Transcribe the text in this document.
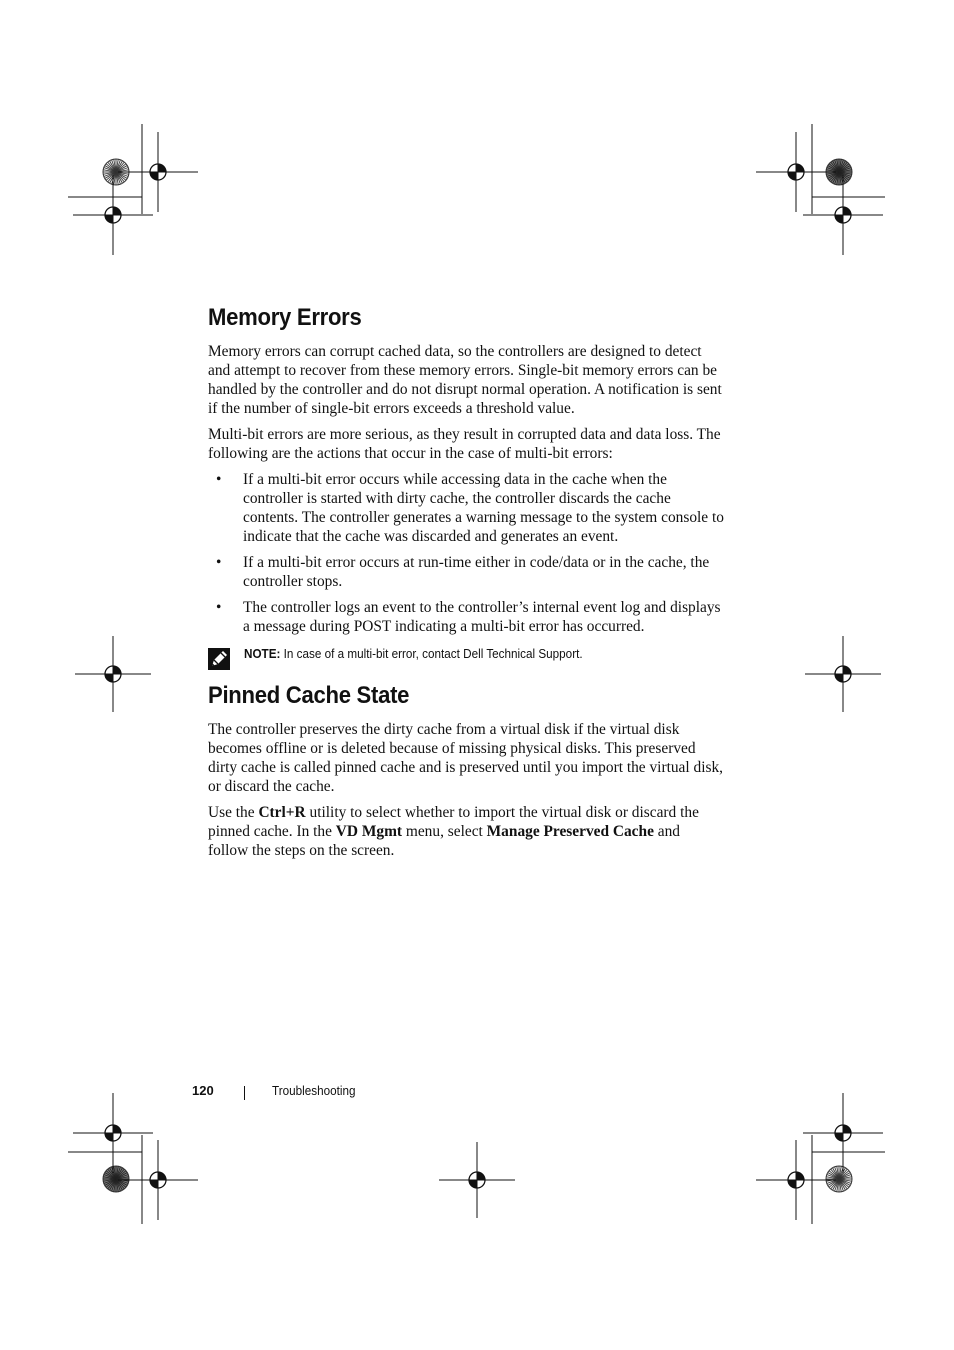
Memory Errors

Memory errors can corrupt cached data, so the controllers are designed to detect and attempt to recover from these memory errors. Single-bit memory errors can be handled by the controller and do not disrupt normal operation. A notification is sent if the number of single-bit errors exceeds a threshold value.

Multi-bit errors are more serious, as they result in corrupted data and data loss. The following are the actions that occur in the case of multi-bit errors:

• If a multi-bit error occurs while accessing data in the cache when the controller is started with dirty cache, the controller discards the cache contents. The controller generates a warning message to the system console to indicate that the cache was discarded and generates an event.
• If a multi-bit error occurs at run-time either in code/data or in the cache, the controller stops.
• The controller logs an event to the controller’s internal event log and displays a message during POST indicating a multi-bit error has occurred.
NOTE: In case of a multi-bit error, contact Dell Technical Support.
Pinned Cache State

The controller preserves the dirty cache from a virtual disk if the virtual disk becomes offline or is deleted because of missing physical disks. This preserved dirty cache is called pinned cache and is preserved until you import the virtual disk, or discard the cache.

Use the Ctrl+R utility to select whether to import the virtual disk or discard the pinned cache. In the VD Mgmt menu, select Manage Preserved Cache and follow the steps on the screen.

120	Troubleshooting
